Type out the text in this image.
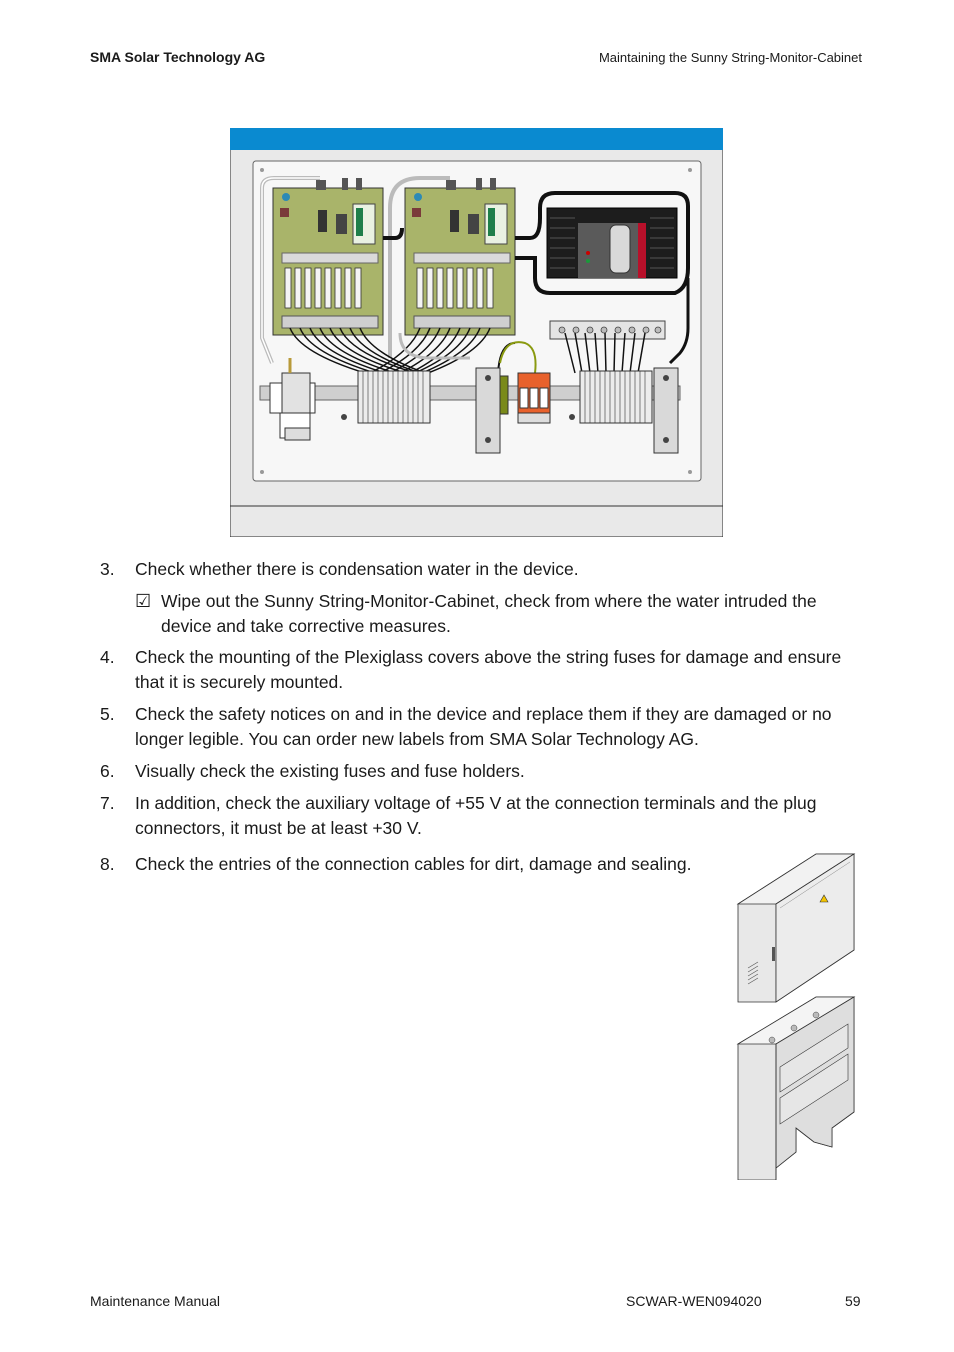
SMA Solar Technology AG	Maintaining the Sunny String-Monitor-Cabinet
3.	Check whether there is condensation water in the device.
☑ Wipe out the Sunny String-Monitor-Cabinet, check from where the water intruded the device and take corrective measures.
4.	Check the mounting of the Plexiglass covers above the string fuses for damage and ensure that it is securely mounted.
5.	Check the safety notices on and in the device and replace them if they are damaged or no longer legible. You can order new labels from SMA Solar Technology AG.
6.	Visually check the existing fuses and fuse holders.
7.	In addition, check the auxiliary voltage of +55 V at the connection terminals and the plug connectors, it must be at least +30 V.
8.	Check the entries of the connection cables for dirt, damage and sealing.
Maintenance Manual	SCWAR-WEN094020	59
